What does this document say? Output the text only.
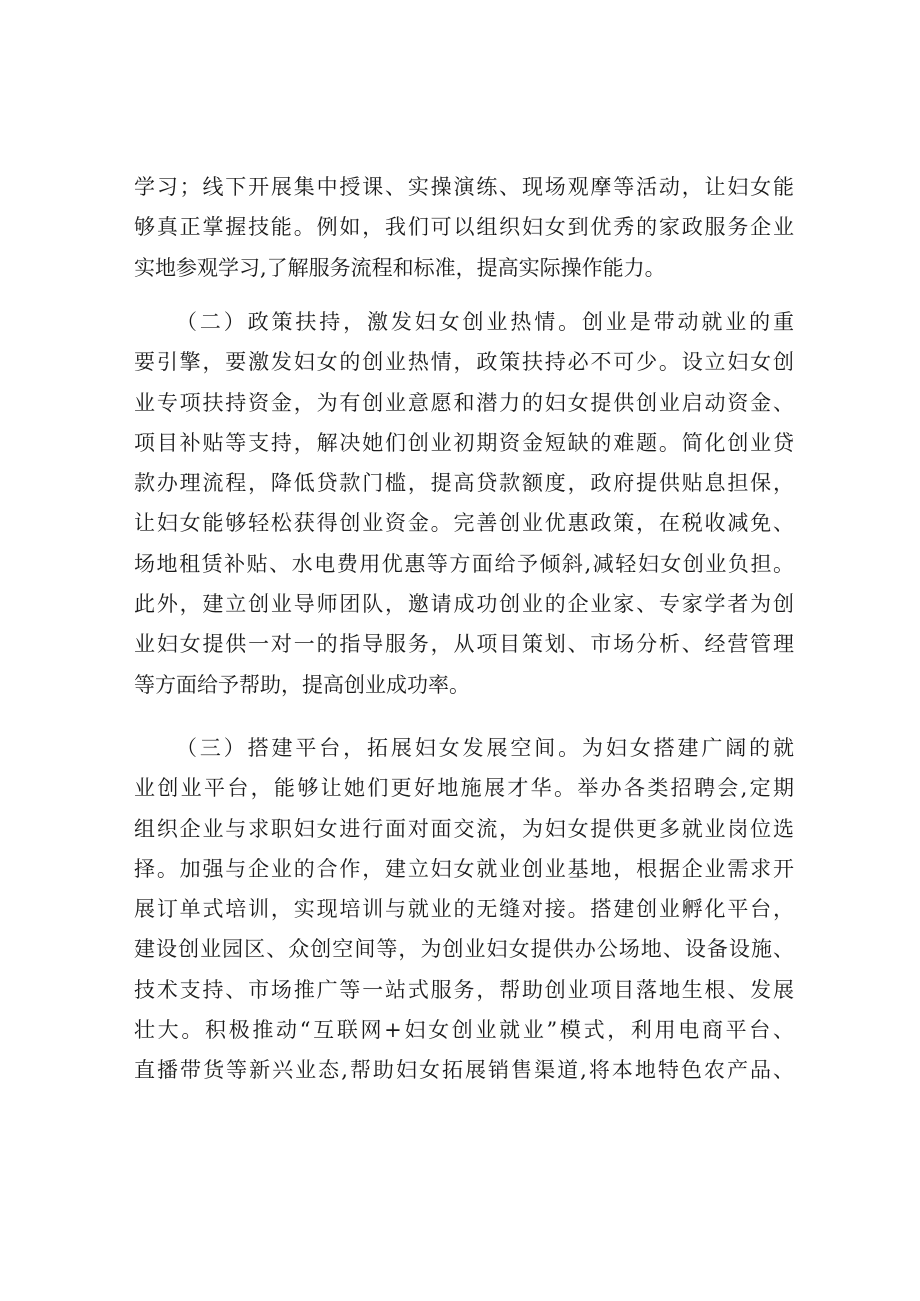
学习；线下开展集中授课、实操演练、现场观摩等活动，让妇女能
够真正掌握技能。例如，我们可以组织妇女到优秀的家政服务企业
实地参观学习,了解服务流程和标准，提高实际操作能力。
（二）政策扶持，激发妇女创业热情。创业是带动就业的重
要引擎，要激发妇女的创业热情，政策扶持必不可少。设立妇女创
业专项扶持资金，为有创业意愿和潜力的妇女提供创业启动资金、
项目补贴等支持，解决她们创业初期资金短缺的难题。简化创业贷
款办理流程，降低贷款门槛，提高贷款额度，政府提供贴息担保，
让妇女能够轻松获得创业资金。完善创业优惠政策，在税收减免、
场地租赁补贴、水电费用优惠等方面给予倾斜,减轻妇女创业负担。
此外，建立创业导师团队，邀请成功创业的企业家、专家学者为创
业妇女提供一对一的指导服务，从项目策划、市场分析、经营管理
等方面给予帮助，提高创业成功率。
（三）搭建平台，拓展妇女发展空间。为妇女搭建广阔的就
业创业平台，能够让她们更好地施展才华。举办各类招聘会,定期
组织企业与求职妇女进行面对面交流，为妇女提供更多就业岗位选
择。加强与企业的合作，建立妇女就业创业基地，根据企业需求开
展订单式培训，实现培训与就业的无缝对接。搭建创业孵化平台，
建设创业园区、众创空间等，为创业妇女提供办公场地、设备设施、
技术支持、市场推广等一站式服务，帮助创业项目落地生根、发展
壮大。积极推动“互联网+妇女创业就业”模式，利用电商平台、
直播带货等新兴业态,帮助妇女拓展销售渠道,将本地特色农产品、
